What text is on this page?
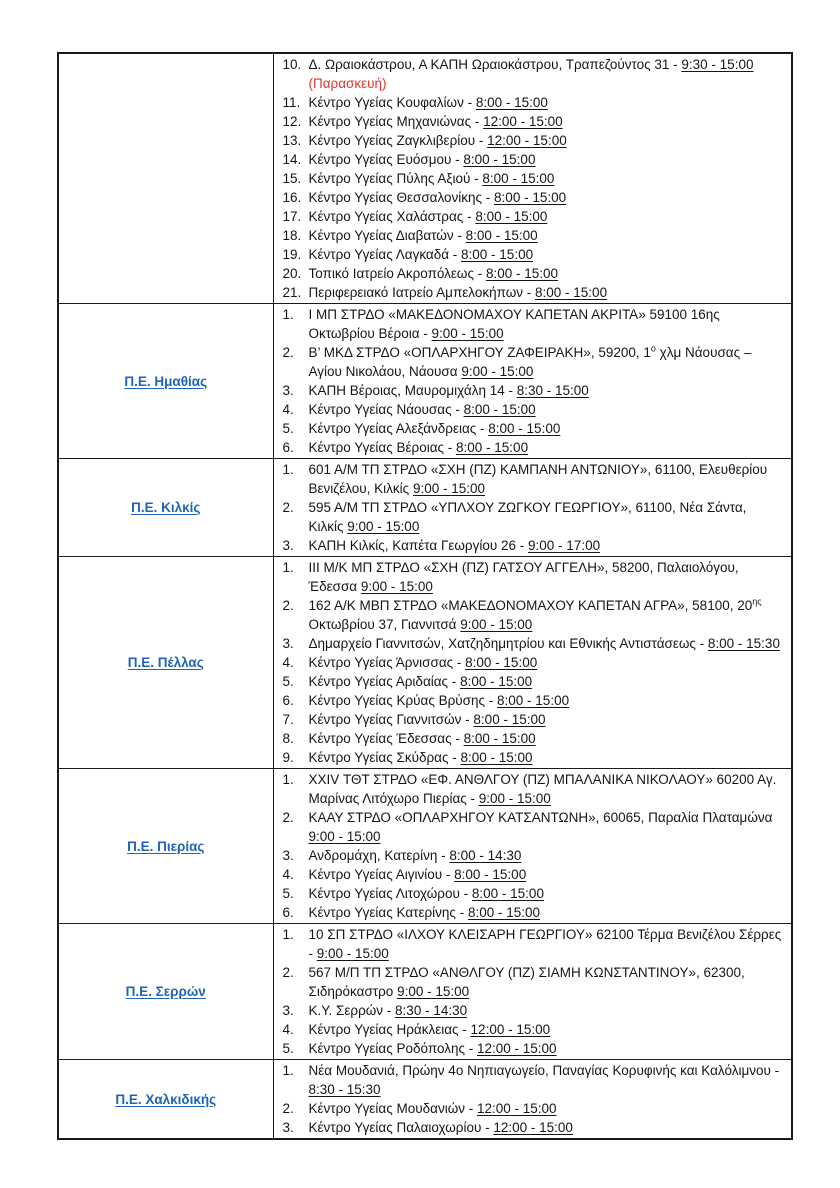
10. Δ. Ωραιοκάστρου, Α ΚΑΠΗ Ωραιοκάστρου, Τραπεζούντος 31 - 9:30 - 15:00 (Παρασκευή)
11. Κέντρο Υγείας Κουφαλίων - 8:00 - 15:00
12. Κέντρο Υγείας Μηχανιώνας - 12:00 - 15:00
13. Κέντρο Υγείας Ζαγκλιβερίου - 12:00 - 15:00
14. Κέντρο Υγείας Ευόσμου - 8:00 - 15:00
15. Κέντρο Υγείας Πύλης Αξιού - 8:00 - 15:00
16. Κέντρο Υγείας Θεσσαλονίκης - 8:00 - 15:00
17. Κέντρο Υγείας Χαλάστρας - 8:00 - 15:00
18. Κέντρο Υγείας Διαβατών - 8:00 - 15:00
19. Κέντρο Υγείας Λαγκαδά - 8:00 - 15:00
20. Τοπικό Ιατρείο Ακροπόλεως - 8:00 - 15:00
21. Περιφερειακό Ιατρείο Αμπελοκήπων - 8:00 - 15:00

Π.Ε. Ημαθίας	
1.	Ι ΜΠ ΣΤΡΔΟ «ΜΑΚΕΔΟΝΟΜΑΧΟΥ ΚΑΠΕΤΑΝ ΑΚΡΙΤΑ» 59100 16ης Οκτωβρίου Βέροια - 9:00 - 15:00
2.	Β’ ΜΚΔ ΣΤΡΔΟ «ΟΠΛΑΡΧΗΓΟΥ ΖΑΦΕΙΡΑΚΗ», 59200, $1^o$ χλμ Νάουσας – Αγίου Νικολάου, Νάουσα 9:00 - 15:00
3.	ΚΑΠΗ Βέροιας, Μαυρομιχάλη 14 - 8:30 - 15:00
4.	Κέντρο Υγείας Νάουσας - 8:00 - 15:00
5.	Κέντρο Υγείας Αλεξάνδρειας - 8:00 - 15:00
6.	Κέντρο Υγείας Βέροιας - 8:00 - 15:00

Π.Ε. Κιλκίς	
1.	601 Α/Μ ΤΠ ΣΤΡΔΟ «ΣΧΗ (ΠΖ) ΚΑΜΠΑΝΗ ΑΝΤΩΝΙΟΥ», 61100, Ελευθερίου Βενιζέλου, Κιλκίς 9:00 - 15:00
2.	595 Α/Μ ΤΠ ΣΤΡΔΟ «ΥΠΛΧΟΥ ΖΩΓΚΟΥ ΓΕΩΡΓΙΟΥ», 61100, Νέα Σάντα, Κιλκίς 9:00 - 15:00
3.	ΚΑΠΗ Κιλκίς, Καπέτα Γεωργίου 26 - 9:00 - 17:00

Π.Ε. Πέλλας	
1.	ΙΙΙ Μ/Κ ΜΠ ΣΤΡΔΟ «ΣΧΗ (ΠΖ) ΓΑΤΣΟΥ ΑΓΓΕΛΗ», 58200, Παλαιολόγου, Έδεσσα 9:00 - 15:00
2.	162 Α/Κ ΜΒΠ ΣΤΡΔΟ «ΜΑΚΕΔΟΝΟΜΑΧΟΥ ΚΑΠΕΤΑΝ ΑΓΡΑ», 58100, $20^{\eta\varsigma}$ Οκτωβρίου 37, Γιαννιτσά 9:00 - 15:00
3.	Δημαρχείο Γιαννιτσών, Χατζηδημητρίου και Εθνικής Αντιστάσεως - 8:00 - 15:30
4.	Κέντρο Υγείας Άρνισσας - 8:00 - 15:00
5.	Κέντρο Υγείας Αριδαίας - 8:00 - 15:00
6.	Κέντρο Υγείας Κρύας Βρύσης - 8:00 - 15:00
7.	Κέντρο Υγείας Γιαννιτσών - 8:00 - 15:00
8.	Κέντρο Υγείας Έδεσσας - 8:00 - 15:00
9.	Κέντρο Υγείας Σκύδρας - 8:00 - 15:00

Π.Ε. Πιερίας	
1.	XXIV ΤΘΤ ΣΤΡΔΟ «ΕΦ. ΑΝΘΛΓΟΥ (ΠΖ) ΜΠΑΛΑΝΙΚΑ ΝΙΚΟΛΑΟΥ» 60200 Αγ. Μαρίνας Λιτόχωρο Πιερίας - 9:00 - 15:00
2.	ΚΑΑΥ ΣΤΡΔΟ «ΟΠΛΑΡΧΗΓΟΥ ΚΑΤΣΑΝΤΩΝΗ», 60065, Παραλία Πλαταμώνα 9:00 - 15:00
3.	Ανδρομάχη, Κατερίνη - 8:00 - 14:30
4.	Κέντρο Υγείας Αιγινίου - 8:00 - 15:00
5.	Κέντρο Υγείας Λιτοχώρου - 8:00 - 15:00
6.	Κέντρο Υγείας Κατερίνης - 8:00 - 15:00

Π.Ε. Σερρών	
1.	10 ΣΠ ΣΤΡΔΟ «ΙΛΧΟΥ ΚΛΕΙΣΑΡΗ ΓΕΩΡΓΙΟΥ» 62100 Τέρμα Βενιζέλου Σέρρες - 9:00 - 15:00
2.	567 Μ/Π ΤΠ ΣΤΡΔΟ «ΑΝΘΛΓΟΥ (ΠΖ) ΣΙΑΜΗ ΚΩΝΣΤΑΝΤΙΝΟΥ», 62300, Σιδηρόκαστρο 9:00 - 15:00
3.	Κ.Υ. Σερρών - 8:30 - 14:30
4.	Κέντρο Υγείας Ηράκλειας - 12:00 - 15:00
5.	Κέντρο Υγείας Ροδόπολης - 12:00 - 15:00

Π.Ε. Χαλκιδικής	
1.	Νέα Μουδανιά, Πρώην 4ο Νηπιαγωγείο, Παναγίας Κορυφινής και Καλόλιμνου - 8:30 - 15:30
2.	Κέντρο Υγείας Μουδανιών - 12:00 - 15:00
3.	Κέντρο Υγείας Παλαιοχωρίου - 12:00 - 15:00
